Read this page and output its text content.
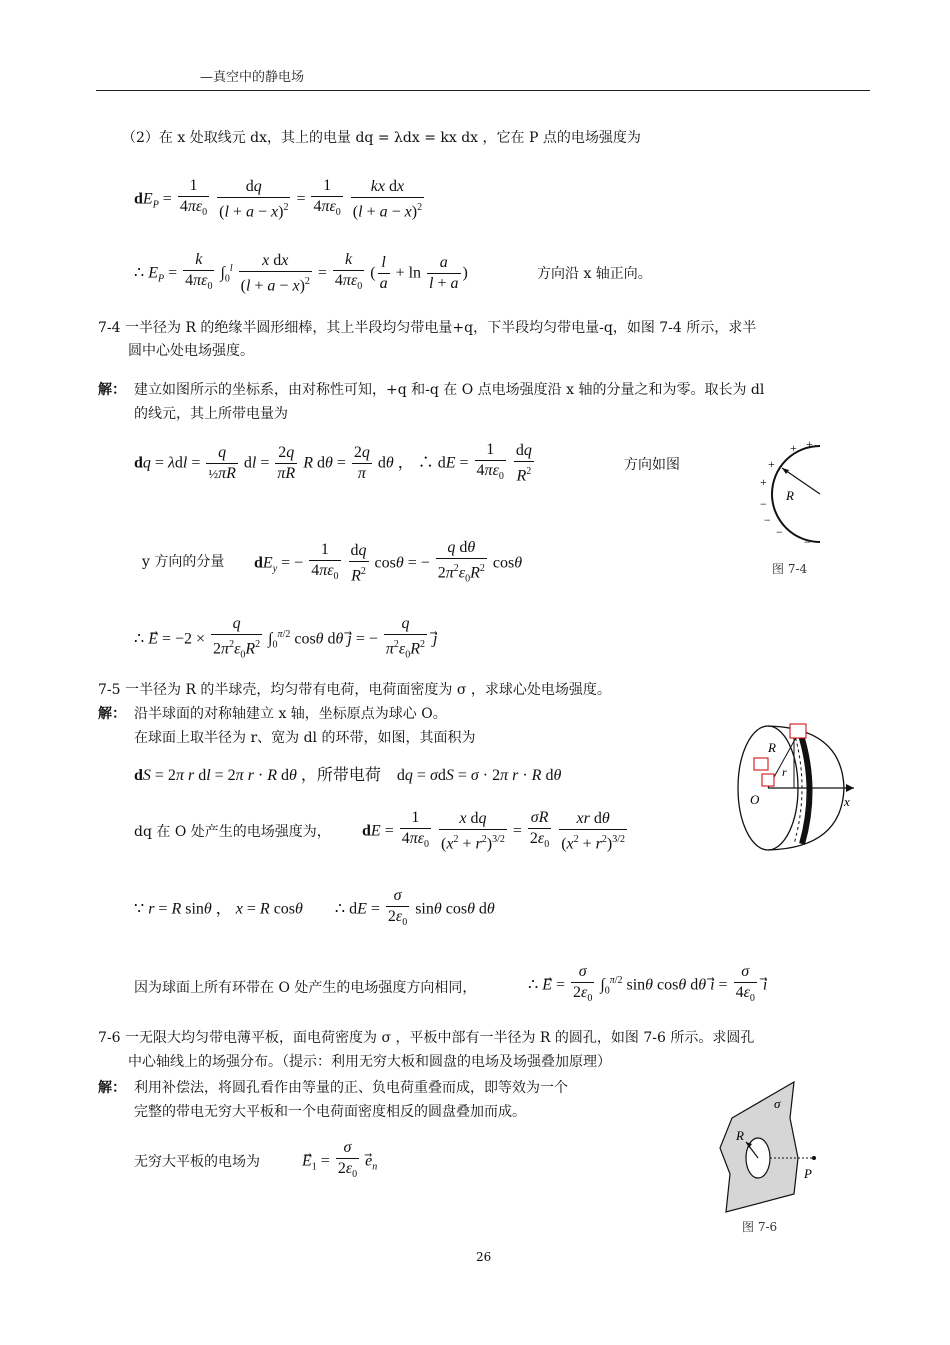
—真空中的静电场
（2）在 x 处取线元 dx，其上的电量 dq = λdx = kx dx ，它在 P 点的电场强度为
$dE_P = \frac{1}{4\pi\varepsilon_0}$
$\frac{dq}{(l + a - x)^2} = \frac{1}{4\pi\varepsilon_0}$
$\frac{\text{kx dx}}{(l + a - x)^2}$
∴ $E_P = \frac{k}{4\pi\varepsilon_0} \int_0^l \frac{\text{x dx}}{(l + a - x)^2} = \frac{k}{4\pi\varepsilon_0}$ ( $\frac{l}{a} + \ln \frac{a}{l + a}$ )	方向沿 x 轴正向。
7-4 一半径为 R 的绝缘半圆形细棒，其上半段均匀带电量+q，下半段均匀带电量-q，如图 7-4 所示，求半
圆中心处电场强度。
解： 建立如图所示的坐标系，由对称性可知，+q 和-q 在 O 点电场强度沿 x 轴的分量之和为零。取长为 dl
的线元，其上所带电量为
dq = $\lambda dl = \frac{q}{\text{½πR}}$ dl = $\frac{2q}{\pi R}$ R $d\theta = \frac{2q}{\pi}$ dθ ， ∴ dE = $\frac{1}{4\pi\varepsilon_0}$
$\frac{dq}{R^2}$	方向如图
R
+ +
+
+
−
−
−
−
图 7-4
y 方向的分量 $dE_y$ = − $\frac{1}{4\pi\varepsilon_0}$
$\frac{dq}{R^2}$ cosθ = − $\frac{\text{q dθ}}{2\pi^2\varepsilon_0R^2}$ cosθ
∴ E⃗ = $-2 \times \frac{q}{2\pi^2\varepsilon_0R^2} \int_0^{\pi/2}$ cosθ dθ j⃗ = − $\frac{q}{\pi^2\varepsilon_0R^2}$ j
7-5 一半径为 R 的半球壳，均匀带有电荷，电荷面密度为 σ ，求球心处电场强度。
解： 沿半球面的对称轴建立 x 轴，坐标原点为球心 O。
在球面上取半径为 r、宽为 dl 的环带，如图，其面积为
dS = 2π r dl = 2π r · R dθ ，所带电荷    dq = σdS = σ · 2π r · R dθ
R
r
O	x
dq 在 O 处产生的电场强度为， dE = $\frac{1}{4\pi\varepsilon_0}$
$\frac{\text{x dq}}{(x^2 + r^2)^{3/2}} = \frac{\sigma R}{2\varepsilon_0}$
$\frac{\text{xr dθ}}{(x^2 + r^2)^{3/2}}$
∵ r = R sinθ ， x = R cosθ        ∴ dE = $\frac{\sigma}{2\varepsilon_0}$ sinθ cosθ dθ
因为球面上所有环带在 O 处产生的电场强度方向相同，	∴ E⃗ = $\frac{\sigma}{2\varepsilon_0} \int_0^{\pi/2}$ sinθ cosθ dθ i⃗ = $\frac{\sigma}{4\varepsilon_0}$ i
7-6 一无限大均匀带电薄平板，面电荷密度为 σ ，平板中部有一半径为 R 的圆孔，如图 7-6 所示。求圆孔
中心轴线上的场强分布。（提示：利用无穷大板和圆盘的电场及场强叠加原理）
解： 利用补偿法，将圆孔看作由等量的正、负电荷重叠而成，即等效为一个
完整的带电无穷大平板和一个电荷面密度相反的圆盘叠加而成。
无穷大平板的电场为	$E_1 = \frac{\sigma}{2\varepsilon_0} e_n$
R
σ
P
图 7-6
26
